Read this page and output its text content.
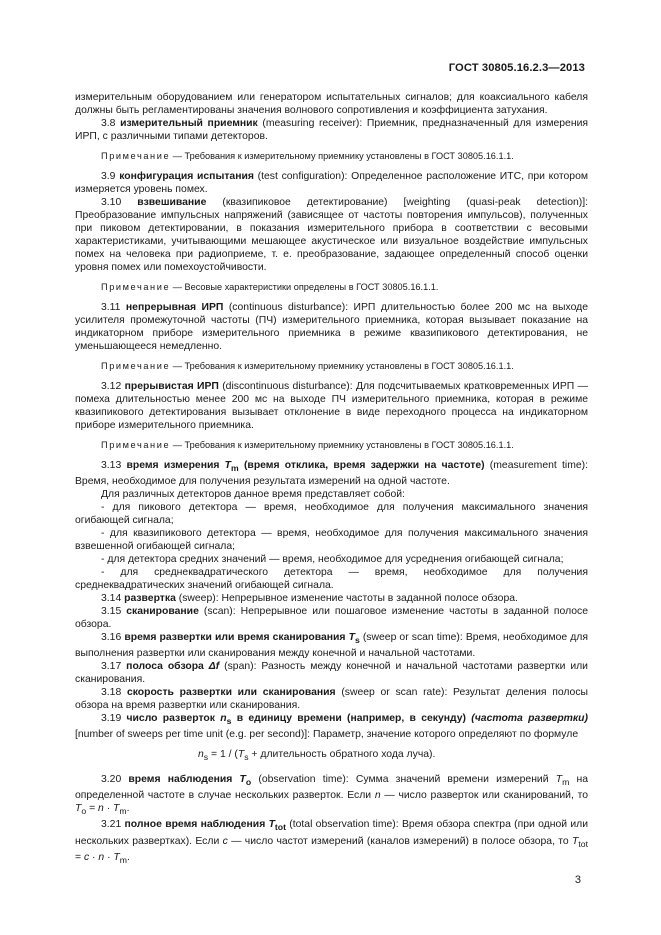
ГОСТ 30805.16.2.3—2013

измерительным оборудованием или генератором испытательных сигналов; для коаксиального кабеля должны быть регламентированы значения волнового сопротивления и коэффициента затухания.

3.8 измерительный приемник (measuring receiver): Приемник, предназначенный для измерения ИРП, с различными типами детекторов.

Примечание — Требования к измерительному приемнику установлены в ГОСТ 30805.16.1.1.

3.9 конфигурация испытания (test configuration): Определенное расположение ИТС, при котором измеряется уровень помех.

3.10 взвешивание (квазипиковое детектирование) [weighting (quasi-peak detection)]: Преобразование импульсных напряжений (зависящее от частоты повторения импульсов), полученных при пиковом детектировании, в показания измерительного прибора в соответствии с весовыми характеристиками, учитывающими мешающее акустическое или визуальное воздействие импульсных помех на человека при радиоприеме, т. е. преобразование, задающее определенный способ оценки уровня помех или помехоустойчивости.

Примечание — Весовые характеристики определены в ГОСТ 30805.16.1.1.

3.11 непрерывная ИРП (continuous disturbance): ИРП длительностью более 200 мс на выходе усилителя промежуточной частоты (ПЧ) измерительного приемника, которая вызывает показание на индикаторном приборе измерительного приемника в режиме квазипикового детектирования, не уменьшающееся немедленно.

Примечание — Требования к измерительному приемнику установлены в ГОСТ 30805.16.1.1.

3.12 прерывистая ИРП (discontinuous disturbance): Для подсчитываемых кратковременных ИРП — помеха длительностью менее 200 мс на выходе ПЧ измерительного приемника, которая в режиме квазипикового детектирования вызывает отклонение в виде переходного процесса на индикаторном приборе измерительного приемника.

Примечание — Требования к измерительному приемнику установлены в ГОСТ 30805.16.1.1.

3.13 время измерения $T_m$ (время отклика, время задержки на частоте) (measurement time): Время, необходимое для получения результата измерений на одной частоте.

Для различных детекторов данное время представляет собой:

- для пикового детектора — время, необходимое для получения максимального значения огибающей сигнала;

- для квазипикового детектора — время, необходимое для получения максимального значения взвешенной огибающей сигнала;

- для детектора средних значений — время, необходимое для усреднения огибающей сигнала;

- для среднеквадратического детектора — время, необходимое для получения среднеквадратических значений огибающей сигнала.

3.14 развертка (sweep): Непрерывное изменение частоты в заданной полосе обзора.

3.15 сканирование (scan): Непрерывное или пошаговое изменение частоты в заданной полосе обзора.

3.16 время развертки или время сканирования $T_s$ (sweep or scan time): Время, необходимое для выполнения развертки или сканирования между конечной и начальной частотами.

3.17 полоса обзора Δf (span): Разность между конечной и начальной частотами развертки или сканирования.

3.18 скорость развертки или сканирования (sweep or scan rate): Результат деления полосы обзора на время развертки или сканирования.

3.19 число разверток $n_s$ в единицу времени (например, в секунду) (частота развертки) [number of sweeps per time unit (e.g. per second)]: Параметр, значение которого определяют по формуле

$n_s = 1 / (T_s$ + длительность обратного хода луча).

3.20 время наблюдения $T_o$ (observation time): Сумма значений времени измерений $T_m$ на определенной частоте в случае нескольких разверток. Если n — число разверток или сканирований, то $T_o = n \cdot T_m$.

3.21 полное время наблюдения $T_{tot}$ (total observation time): Время обзора спектра (при одной или нескольких развертках). Если c — число частот измерений (каналов измерений) в полосе обзора, то $T_{tot} = c \cdot n \cdot T_m$.

3
